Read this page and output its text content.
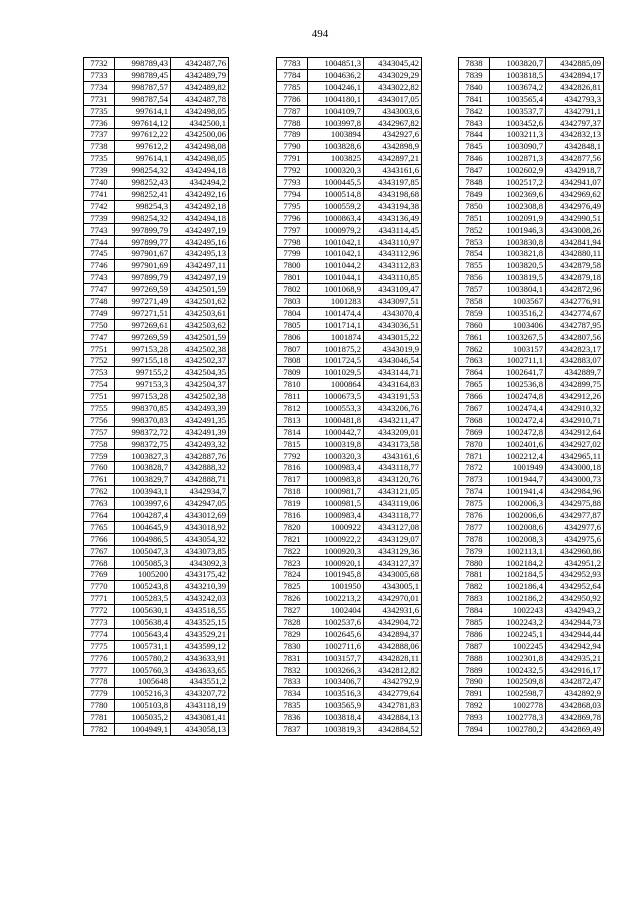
494
7732	998789,43	4342487,76
7733	998789,45	4342489,79
7734	998787,57	4342489,82
7731	998787,54	4342487,78
7735	997614,1	4342498,05
7736	997614,12	4342500,1
7737	997612,22	4342500,06
7738	997612,2	4342498,08
7735	997614,1	4342498,05
7739	998254,32	4342494,18
7740	998252,43	4342494,2
7741	998252,41	4342492,16
7742	998254,3	4342492,18
7739	998254,32	4342494,18
7743	997899,79	4342497,19
7744	997899,77	4342495,16
7745	997901,67	4342495,13
7746	997901,69	4342497,11
7743	997899,79	4342497,19
7747	997269,59	4342501,59
7748	997271,49	4342501,62
7749	997271,51	4342503,61
7750	997269,61	4342503,62
7747	997269,59	4342501,59
7751	997153,28	4342502,38
7752	997155,18	4342502,37
7753	997155,2	4342504,35
7754	997153,3	4342504,37
7751	997153,28	4342502,38
7755	998370,85	4342493,39
7756	998370,83	4342491,35
7757	998372,72	4342491,39
7758	998372,75	4342493,32
7759	1003827,3	4342887,76
7760	1003828,7	4342888,32
7761	1003829,7	4342888,71
7762	1003943,1	4342934,7
7763	1003997,6	4342947,05
7764	1004287,4	4343012,69
7765	1004645,9	4343018,92
7766	1004986,5	4343054,32
7767	1005047,3	4343073,85
7768	1005085,3	4343092,3
7769	1005200	4343175,42
7770	1005243,8	4343210,39
7771	1005283,5	4343242,03
7772	1005630,1	4343518,55
7773	1005638,4	4343525,15
7774	1005643,4	4343529,21
7775	1005731,1	4343599,12
7776	1005780,2	4343633,91
7777	1005760,3	4343633,65
7778	1005648	4343551,2
7779	1005216,3	4343207,72
7780	1005103,8	4343118,19
7781	1005035,2	4343081,41
7782	1004949,1	4343058,13
7783	1004851,3	4343045,42
7784	1004636,2	4343029,29
7785	1004246,1	4343022,82
7786	1004180,1	4343017,05
7787	1004109,7	4343003,6
7788	1003997,8	4342967,82
7789	1003894	4342927,6
7790	1003828,6	4342898,9
7791	1003825	4342897,21
7792	1000320,3	4343161,6
7793	1000445,5	4343197,85
7794	1000514,8	4343198,68
7795	1000559,2	4343194,38
7796	1000863,4	4343136,49
7797	1000979,2	4343114,45
7798	1001042,1	4343110,97
7799	1001042,1	4343112,96
7800	1001044,2	4343112,83
7801	1001044,1	4343110,85
7802	1001068,9	4343109,47
7803	1001283	4343097,51
7804	1001474,4	4343070,4
7805	1001714,1	4343036,51
7806	1001874	4343015,22
7807	1001875,2	4343019,9
7808	1001724,5	4343046,54
7809	1001029,5	4343144,71
7810	1000864	4343164,83
7811	1000673,5	4343191,53
7812	1000553,3	4343206,76
7813	1000481,8	4343211,47
7814	1000442,7	4343209,01
7815	1000319,8	4343173,58
7792	1000320,3	4343161,6
7816	1000983,4	4343118,77
7817	1000983,8	4343120,76
7818	1000981,7	4343121,05
7819	1000981,5	4343119,06
7816	1000983,4	4343118,77
7820	1000922	4343127,08
7821	1000922,2	4343129,07
7822	1000920,3	4343129,36
7823	1000920,1	4343127,37
7824	1001945,8	4343005,68
7825	1001950	4343005,1
7826	1002213,2	4342970,01
7827	1002404	4342931,6
7828	1002537,6	4342904,72
7829	1002645,6	4342894,37
7830	1002711,6	4342888,06
7831	1003157,7	4342828,11
7832	1003266,3	4342812,82
7833	1003406,7	4342792,9
7834	1003516,3	4342779,64
7835	1003565,9	4342781,83
7836	1003818,4	4342884,13
7837	1003819,3	4342884,52
7838	1003820,7	4342885,09
7839	1003818,5	4342894,17
7840	1003674,2	4342826,81
7841	1003565,4	4342793,3
7842	1003537,7	4342791,1
7843	1003452,6	4342797,37
7844	1003211,3	4342832,13
7845	1003090,7	4342848,1
7846	1002871,3	4342877,56
7847	1002602,9	4342918,7
7848	1002517,2	4342941,07
7849	1002369,6	4342969,62
7850	1002308,8	4342976,49
7851	1002091,9	4342990,51
7852	1001946,3	4343008,26
7853	1003830,8	4342841,94
7854	1003821,8	4342880,11
7855	1003820,5	4342879,58
7856	1003819,5	4342879,18
7857	1003804,1	4342872,96
7858	1003567	4342776,91
7859	1003516,2	4342774,67
7860	1003406	4342787,95
7861	1003267,5	4342807,56
7862	1003157	4342823,17
7863	1002711,1	4342883,07
7864	1002641,7	4342889,7
7865	1002536,8	4342899,75
7866	1002474,8	4342912,26
7867	1002474,4	4342910,32
7868	1002472,4	4342910,71
7869	1002472,8	4342912,64
7870	1002401,6	4342927,02
7871	1002212,4	4342965,11
7872	1001949	4343000,18
7873	1001944,7	4343000,73
7874	1001941,4	4342984,96
7875	1002006,3	4342975,88
7876	1002006,6	4342977,87
7877	1002008,6	4342977,6
7878	1002008,3	4342975,6
7879	1002113,1	4342960,86
7880	1002184,2	4342951,2
7881	1002184,5	4342952,93
7882	1002186,4	4342952,64
7883	1002186,2	4342950,92
7884	1002243	4342943,2
7885	1002243,2	4342944,73
7886	1002245,1	4342944,44
7887	1002245	4342942,94
7888	1002301,8	4342935,21
7889	1002432,5	4342916,17
7890	1002509,8	4342872,47
7891	1002598,7	4342892,9
7892	1002778	4342868,03
7893	1002778,3	4342869,78
7894	1002780,2	4342869,49
